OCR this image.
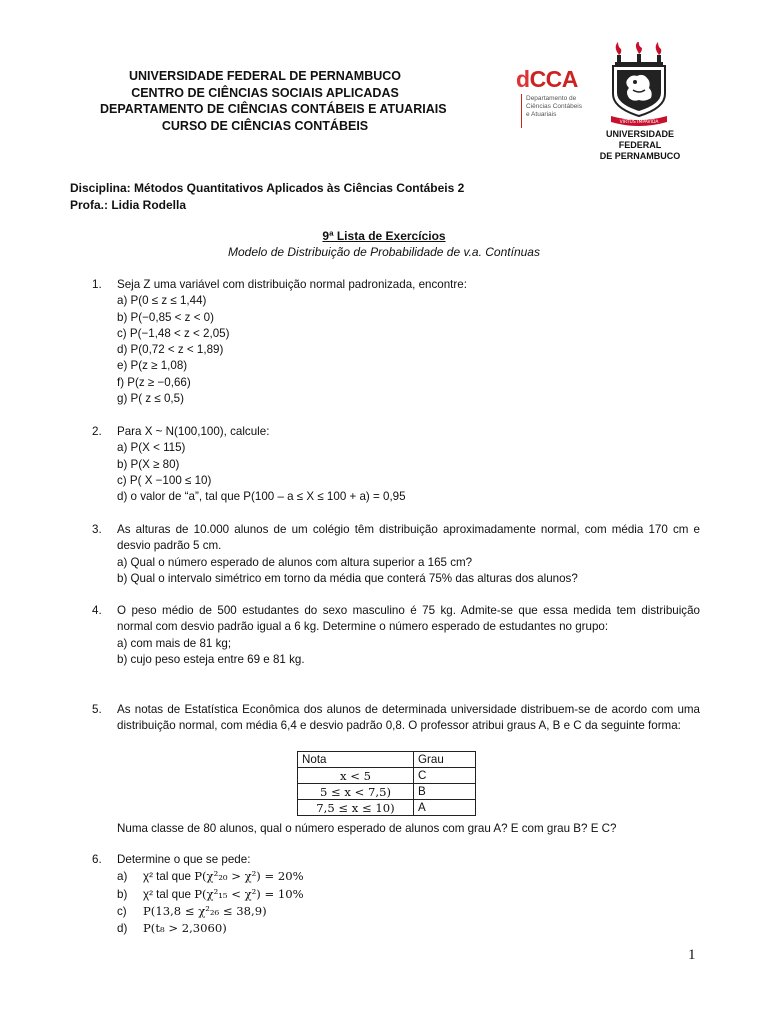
UNIVERSIDADE FEDERAL DE PERNAMBUCO
CENTRO DE CIÊNCIAS SOCIAIS APLICADAS
DEPARTAMENTO DE CIÊNCIAS CONTÁBEIS E ATUARIAIS
CURSO DE CIÊNCIAS CONTÁBEIS
dCCA
Departamento de
Ciências Contábeis
e Atuariais
VIRTUS IMPAVIDA
UNIVERSIDADE
FEDERAL
DE PERNAMBUCO
Disciplina: Métodos Quantitativos Aplicados às Ciências Contábeis 2
Profa.: Lidia Rodella
9ª Lista de Exercícios
Modelo de Distribuição de Probabilidade de v.a. Contínuas
1. Seja Z uma variável com distribuição normal padronizada, encontre:
a) P(0 ≤ z ≤ 1,44)
b) P(−0,85 < z < 0)
c) P(−1,48 < z < 2,05)
d) P(0,72 < z < 1,89)
e) P(z ≥ 1,08)
f) P(z ≥ −0,66)
g) P( z ≤ 0,5)
2. Para X ~ N(100,100), calcule:
a) P(X < 115)
b) P(X ≥ 80)
c) P( X −100 ≤ 10)
d) o valor de “a”, tal que P(100 – a ≤ X ≤ 100 + a) = 0,95
3. As alturas de 10.000 alunos de um colégio têm distribuição aproximadamente normal, com média 170 cm e desvio padrão 5 cm.
a) Qual o número esperado de alunos com altura superior a 165 cm?
b) Qual o intervalo simétrico em torno da média que conterá 75% das alturas dos alunos?
4. O peso médio de 500 estudantes do sexo masculino é 75 kg. Admite-se que essa medida tem distribuição normal com desvio padrão igual a 6 kg. Determine o número esperado de estudantes no grupo:
a) com mais de 81 kg;
b) cujo peso esteja entre 69 e 81 kg.
5. As notas de Estatística Econômica dos alunos de determinada universidade distribuem-se de acordo com uma distribuição normal, com média 6,4 e desvio padrão 0,8. O professor atribui graus A, B e C da seguinte forma:
Nota	Grau
x < 5	C
5 ≤ x < 7,5)	B
7,5 ≤ x ≤ 10)	A
Numa classe de 80 alunos, qual o número esperado de alunos com grau A? E com grau B? E C?
6. Determine o que se pede:
a) χ² tal que P(χ²₂₀ > χ²) = 20%
b) χ² tal que P(χ²₁₅ < χ²) = 10%
c) P(13,8 ≤ χ²₂₆ ≤ 38,9)
d) P(t₈ > 2,3060)
1
